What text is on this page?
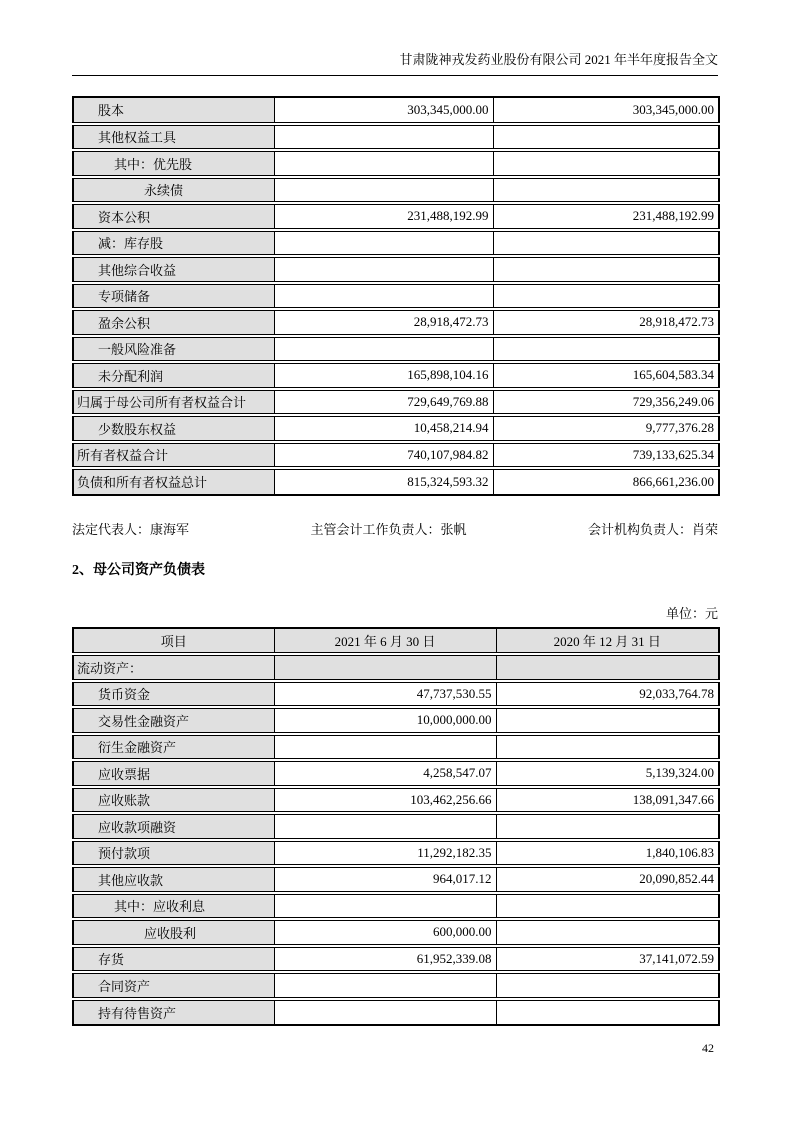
甘肃陇神戎发药业股份有限公司 2021 年半年度报告全文
股本	303,345,000.00	303,345,000.00
其他权益工具		
其中：优先股		
永续债		
资本公积	231,488,192.99	231,488,192.99
减：库存股		
其他综合收益		
专项储备		
盈余公积	28,918,472.73	28,918,472.73
一般风险准备		
未分配利润	165,898,104.16	165,604,583.34
归属于母公司所有者权益合计	729,649,769.88	729,356,249.06
少数股东权益	10,458,214.94	9,777,376.28
所有者权益合计	740,107,984.82	739,133,625.34
负债和所有者权益总计	815,324,593.32	866,661,236.00
法定代表人：康海军	主管会计工作负责人：张帆	会计机构负责人：肖荣
2、母公司资产负债表
单位：元
项目	2021 年 6 月 30 日	2020 年 12 月 31 日
流动资产：		
货币资金	47,737,530.55	92,033,764.78
交易性金融资产	10,000,000.00	
衍生金融资产		
应收票据	4,258,547.07	5,139,324.00
应收账款	103,462,256.66	138,091,347.66
应收款项融资		
预付款项	11,292,182.35	1,840,106.83
其他应收款	964,017.12	20,090,852.44
其中：应收利息		
应收股利	600,000.00	
存货	61,952,339.08	37,141,072.59
合同资产		
持有待售资产		
42
